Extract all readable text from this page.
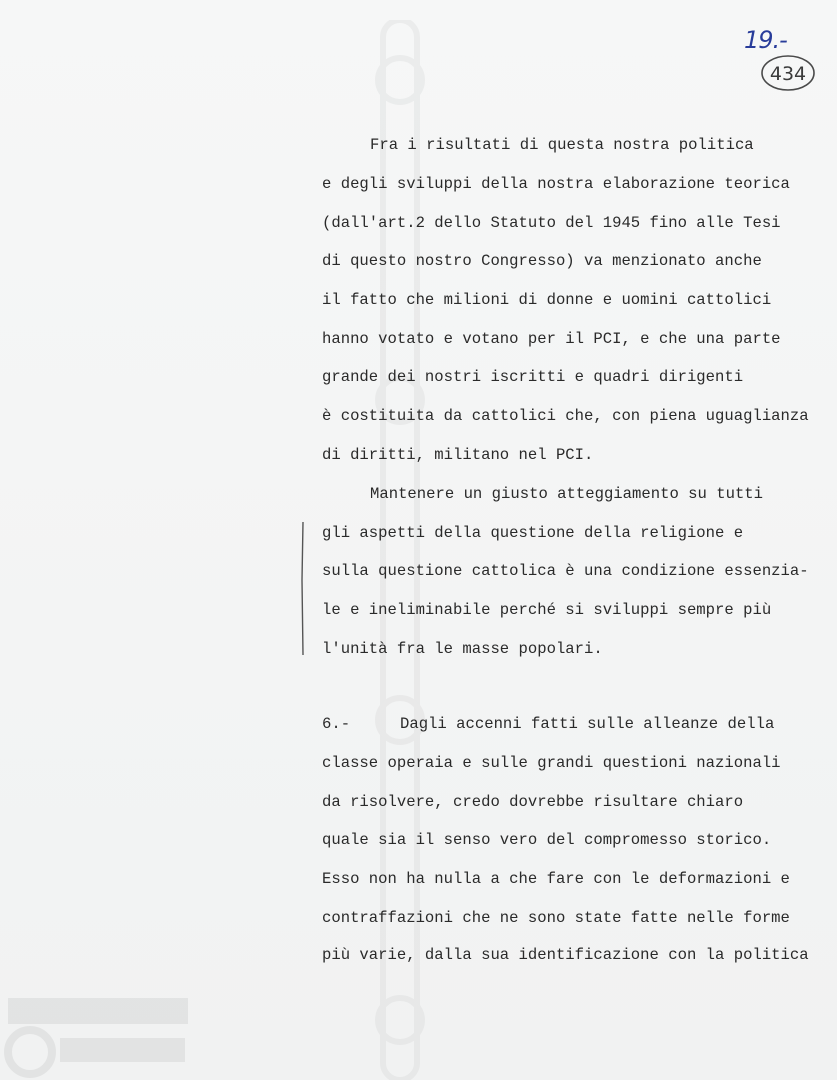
19.-
434
Fra i risultati di questa nostra politica
e degli sviluppi della nostra elaborazione teorica
(dall'art.2 dello Statuto del 1945 fino alle Tesi
di questo nostro Congresso) va menzionato anche
il fatto che milioni di donne e uomini cattolici
hanno votato e votano per il PCI, e che una parte
grande dei nostri iscritti e quadri dirigenti
è costituita da cattolici che, con piena uguaglianza
di diritti, militano nel PCI.
Mantenere un giusto atteggiamento su tutti
gli aspetti della questione della religione e
sulla questione cattolica è una condizione essenzia-
le e ineliminabile perché si sviluppi sempre più
l'unità fra le masse popolari.
6.-	Dagli accenni fatti sulle alleanze della
classe operaia e sulle grandi questioni nazionali
da risolvere, credo dovrebbe risultare chiaro
quale sia il senso vero del compromesso storico.
Esso non ha nulla a che fare con le deformazioni e
contraffazioni che ne sono state fatte nelle forme
più varie, dalla sua identificazione con la politica
